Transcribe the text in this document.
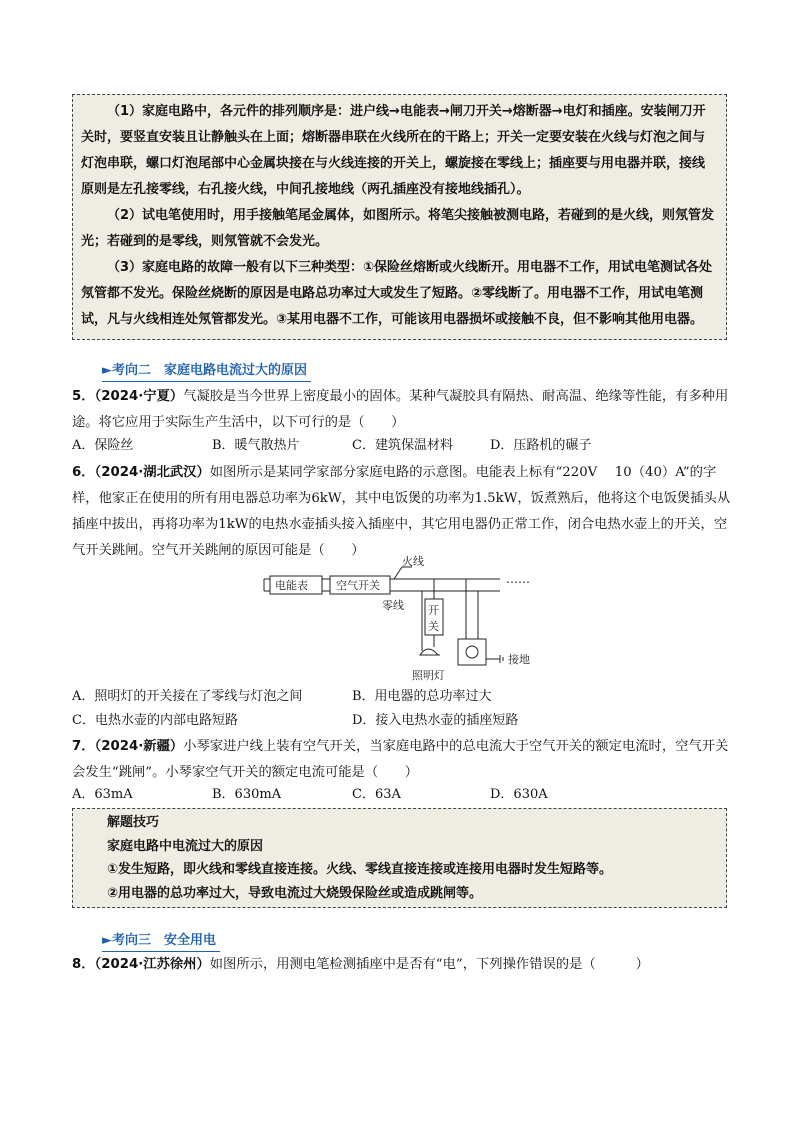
（1）家庭电路中，各元件的排列顺序是：进户线→电能表→闸刀开关→熔断器→电灯和插座。安装闸刀开关时，要竖直安装且让静触头在上面；熔断器串联在火线所在的干路上；开关一定要安装在火线与灯泡之间与灯泡串联，螺口灯泡尾部中心金属块接在与火线连接的开关上，螺旋接在零线上；插座要与用电器并联，接线原则是左孔接零线，右孔接火线，中间孔接地线（两孔插座没有接地线插孔）。

（2）试电笔使用时，用手接触笔尾金属体，如图所示。将笔尖接触被测电路，若碰到的是火线，则氖管发光；若碰到的是零线，则氖管就不会发光。

（3）家庭电路的故障一般有以下三种类型：①保险丝熔断或火线断开。用电器不工作，用试电笔测试各处氖管都不发光。保险丝烧断的原因是电路总功率过大或发生了短路。②零线断了。用电器不工作，用试电笔测试，凡与火线相连处氖管都发光。③某用电器不工作，可能该用电器损坏或接触不良，但不影响其他用电器。

►考向二　家庭电路电流过大的原因
5．（2024·宁夏）气凝胶是当今世界上密度最小的固体。某种气凝胶具有隔热、耐高温、绝缘等性能，有多种用途。将它应用于实际生产生活中，以下可行的是（　　）
A．保险丝	B．暖气散热片	C．建筑保温材料	D．压路机的碾子
6．（2024·湖北武汉）如图所示是某同学家部分家庭电路的示意图。电能表上标有“220V　 10（40）A”的字样，他家正在使用的所有用电器总功率为6kW，其中电饭煲的功率为1.5kW，饭煮熟后，他将这个电饭煲插头从插座中拔出，再将功率为1kW的电热水壶插头接入插座中，其它用电器仍正常工作，闭合电热水壶上的开关，空气开关跳闸。空气开关跳闸的原因可能是（　　）
电能表	空气开关
火线
零线 开
关
照明灯
接地
……
A．照明灯的开关接在了零线与灯泡之间	B．用电器的总功率过大
C．电热水壶的内部电路短路	D．接入电热水壶的插座短路
7．（2024·新疆）小琴家进户线上装有空气开关，当家庭电路中的总电流大于空气开关的额定电流时，空气开关会发生“跳闸”。小琴家空气开关的额定电流可能是（　　）
A．63mA	B．630mA	C．63A	D．630A

解题技巧

家庭电路中电流过大的原因

①发生短路，即火线和零线直接连接。火线、零线直接连接或连接用电器时发生短路等。

②用电器的总功率过大，导致电流过大烧毁保险丝或造成跳闸等。

►考向三　安全用电
8．（2024·江苏徐州）如图所示，用测电笔检测插座中是否有“电”，下列操作错误的是（　　　）
